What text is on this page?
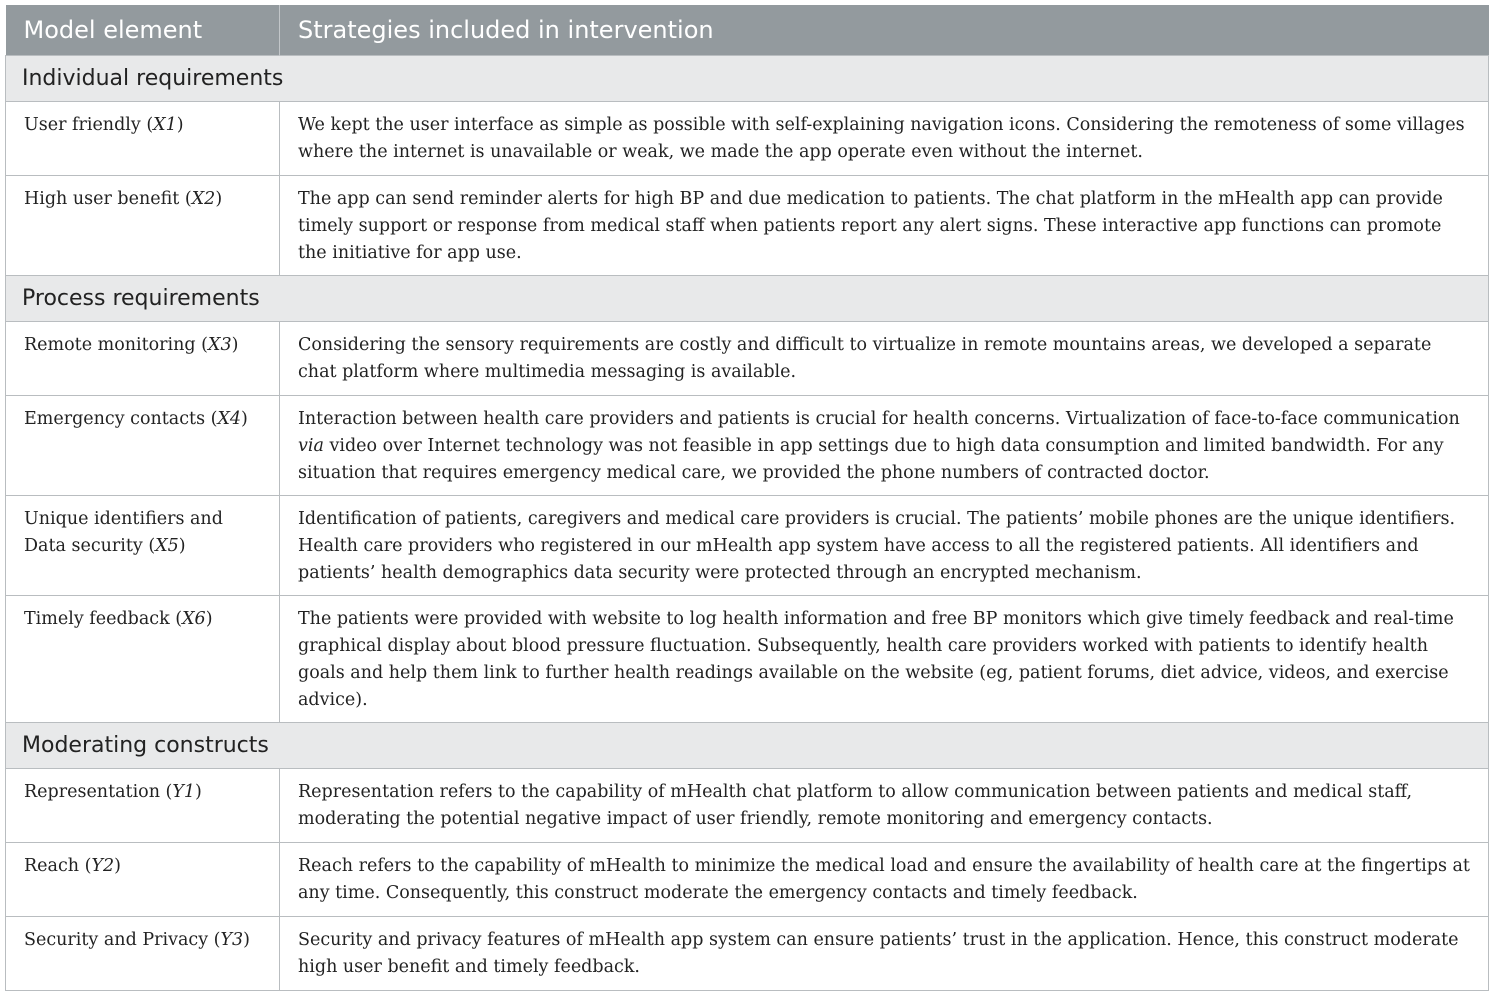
Model element	Strategies included in intervention
Individual requirements	
User friendly (X1)	We kept the user interface as simple as possible with self-explaining navigation icons. Considering the remoteness of some villages where the internet is unavailable or weak, we made the app operate even without the internet.
High user benefit (X2)	The app can send reminder alerts for high BP and due medication to patients. The chat platform in the mHealth app can provide timely support or response from medical staff when patients report any alert signs. These interactive app functions can promote the initiative for app use.
Process requirements	
Remote monitoring (X3)	Considering the sensory requirements are costly and difficult to virtualize in remote mountains areas, we developed a separate chat platform where multimedia messaging is available.
Emergency contacts (X4)	Interaction between health care providers and patients is crucial for health concerns. Virtualization of face-to-face communication via video over Internet technology was not feasible in app settings due to high data consumption and limited bandwidth. For any situation that requires emergency medical care, we provided the phone numbers of contracted doctor.
Unique identifiers and Data security (X5)	Identification of patients, caregivers and medical care providers is crucial. The patients’ mobile phones are the unique identifiers. Health care providers who registered in our mHealth app system have access to all the registered patients. All identifiers and patients’ health demographics data security were protected through an encrypted mechanism.
Timely feedback (X6)	The patients were provided with website to log health information and free BP monitors which give timely feedback and real-time graphical display about blood pressure fluctuation. Subsequently, health care providers worked with patients to identify health goals and help them link to further health readings available on the website (eg, patient forums, diet advice, videos, and exercise advice).
Moderating constructs	
Representation (Y1)	Representation refers to the capability of mHealth chat platform to allow communication between patients and medical staff, moderating the potential negative impact of user friendly, remote monitoring and emergency contacts.
Reach (Y2)	Reach refers to the capability of mHealth to minimize the medical load and ensure the availability of health care at the fingertips at any time. Consequently, this construct moderate the emergency contacts and timely feedback.
Security and Privacy (Y3)	Security and privacy features of mHealth app system can ensure patients’ trust in the application. Hence, this construct moderate high user benefit and timely feedback.
